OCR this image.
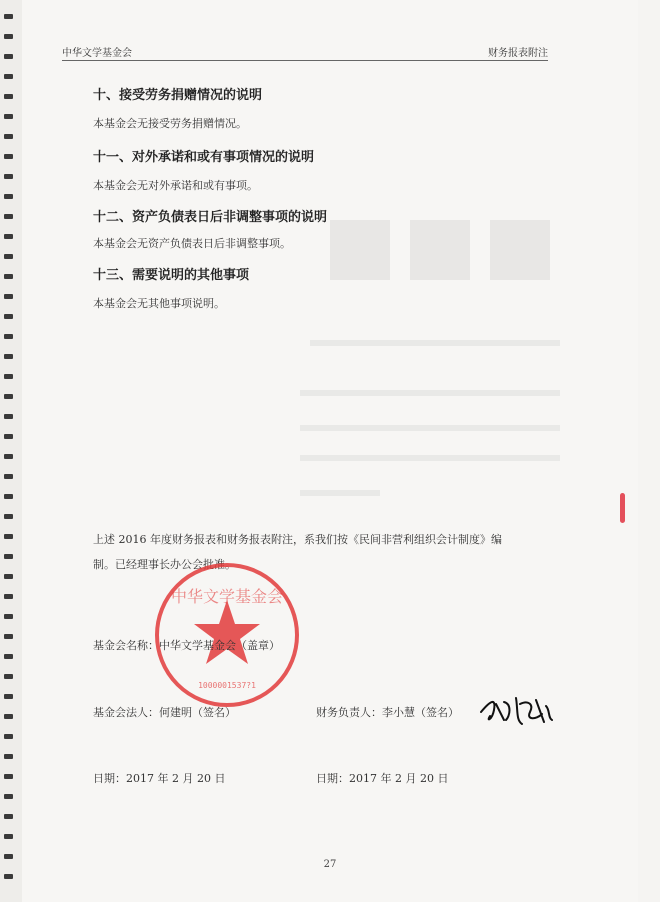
中华文学基金会	财务报表附注
十、接受劳务捐赠情况的说明
本基金会无接受劳务捐赠情况。
十一、对外承诺和或有事项情况的说明
本基金会无对外承诺和或有事项。
十二、资产负债表日后非调整事项的说明
本基金会无资产负债表日后非调整事项。
十三、需要说明的其他事项
本基金会无其他事项说明。
上述 2016 年度财务报表和财务报表附注，系我们按《民间非营利组织会计制度》编
制。已经理事长办公会批准。
中华文学基金会
1000001537?1
基金会名称：中华文学基金会（盖章）
基金会法人：何建明（签名）	财务负责人：李小慧（签名）
日期：2017 年 2 月 20 日	日期：2017 年 2 月 20 日
27
